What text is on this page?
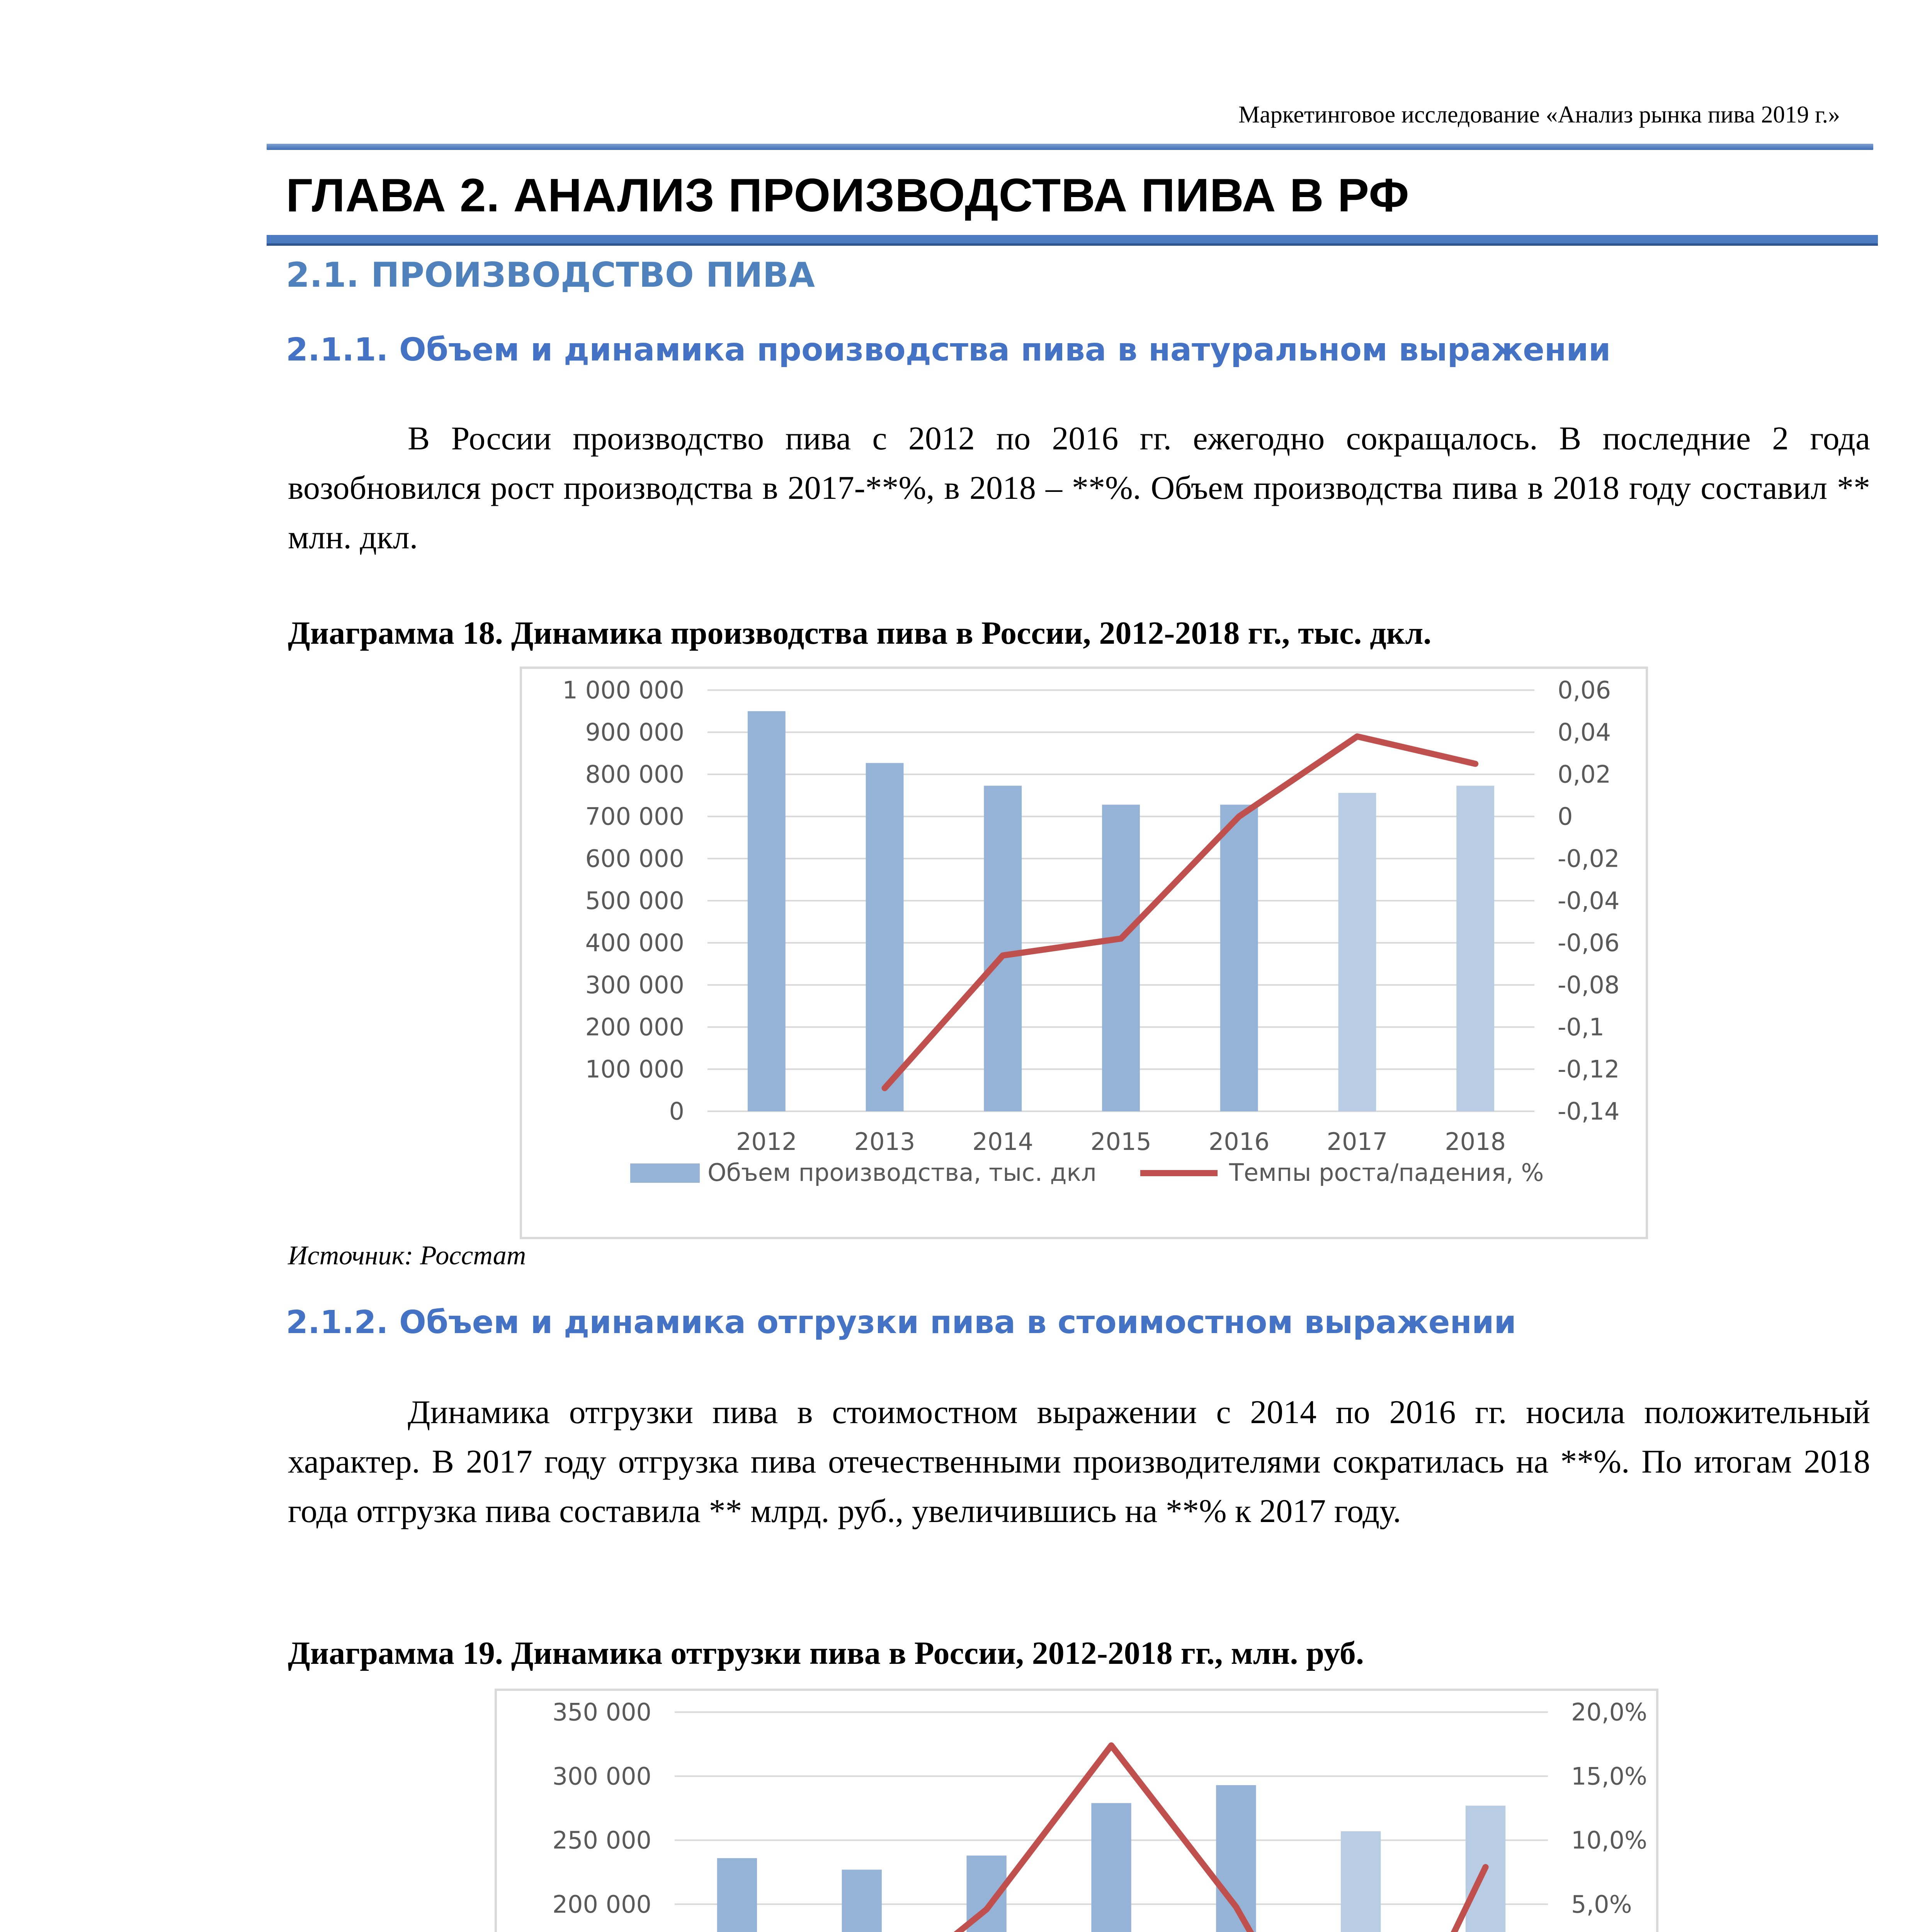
Маркетинговое исследование «Анализ рынка пива 2019 г.»
ГЛАВА 2. АНАЛИЗ ПРОИЗВОДСТВА ПИВА В РФ
2.1. ПРОИЗВОДСТВО ПИВА
2.1.1. Объем и динамика производства пива в натуральном выражении
В России производство пива с 2012 по 2016 гг. ежегодно сокращалось. В последние 2 года возобновился рост производства в 2017-**%, в 2018 – **%. Объем производства пива в 2018 году составил ** млн. дкл.
Диаграмма 18. Динамика производства пива в России, 2012-2018 гг., тыс. дкл.
0
100 000
200 000
300 000
400 000
500 000
600 000
700 000
800 000
900 000
1 000 000
-0,14
-0,12
-0,1
-0,08
-0,06
-0,04
-0,02
0
0,02
0,04
0,06
2012 2013 2014 2015 2016 2017 2018
Объем производства, тыс. дкл	Темпы роста/падения, %
Источник: Росстат
2.1.2. Объем и динамика отгрузки пива в стоимостном выражении
Динамика отгрузки пива в стоимостном выражении с 2014 по 2016 гг. носила положительный характер. В 2017 году отгрузка пива отечественными производителями сократилась на **%. По итогам 2018 года отгрузка пива составила ** млрд. руб., увеличившись на **% к 2017 году.
Диаграмма 19. Динамика отгрузки пива в России, 2012-2018 гг., млн. руб.
200 000
250 000
300 000
350 000
5,0%
10,0%
15,0%
20,0%
